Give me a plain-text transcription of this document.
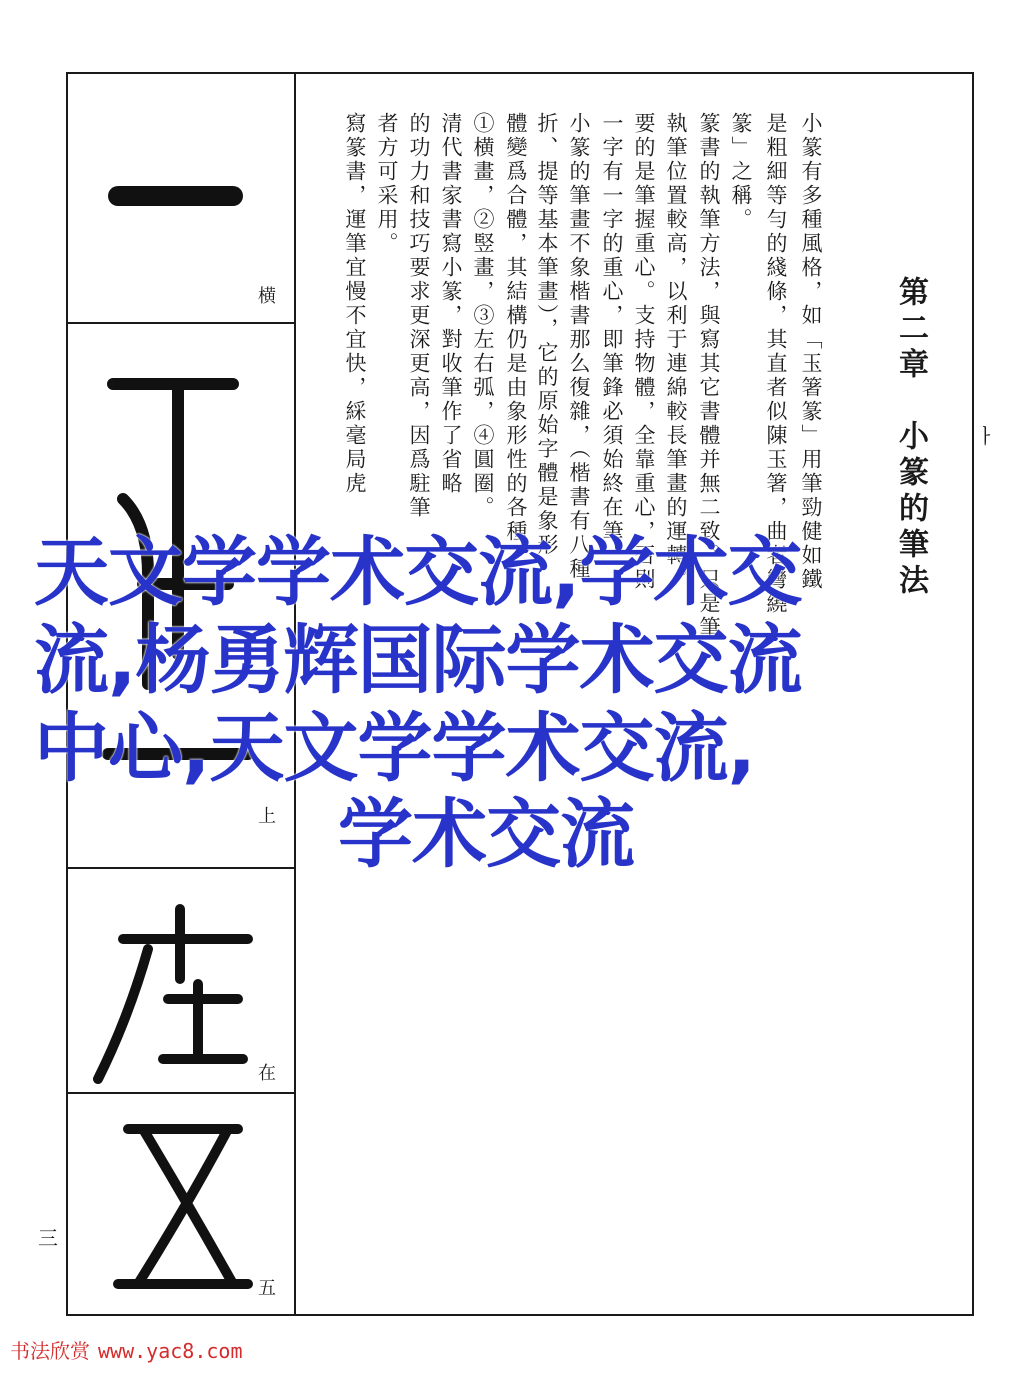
横
上
在
五
ㅏ
三
第二章　小篆的筆法
小篆有多種風格，如「玉箸篆」用筆勁健如鐵
是粗細等勻的綫條，其直者似陳玉箸，曲者彎繞
篆」之稱。
篆書的執筆方法，與寫其它書體并無二致。只是筆
執筆位置較高，以利于連綿較長筆畫的運轉。
要的是筆握重心。支持物體，全靠重心，否則
一字有一字的重心，即筆鋒必須始終在筆
小篆的筆畫不象楷書那么復雜，（楷書有八種
折、提等基本筆畫），它的原始字體是象形
①横畫，②竪畫，③左右弧，④圓圈。 體變爲合體，其結構仍是由象形性的各種
清代書家書寫小篆，對收筆作了省略
的功力和技巧要求更深更高，因爲駐筆
者方可采用。
寫篆書，運筆宜慢不宜快，綵毫局虎
天文学学术交流,学术交
流,杨勇辉国际学术交流
中心,天文学学术交流,
学术交流
书法欣赏 www.yac8.com
